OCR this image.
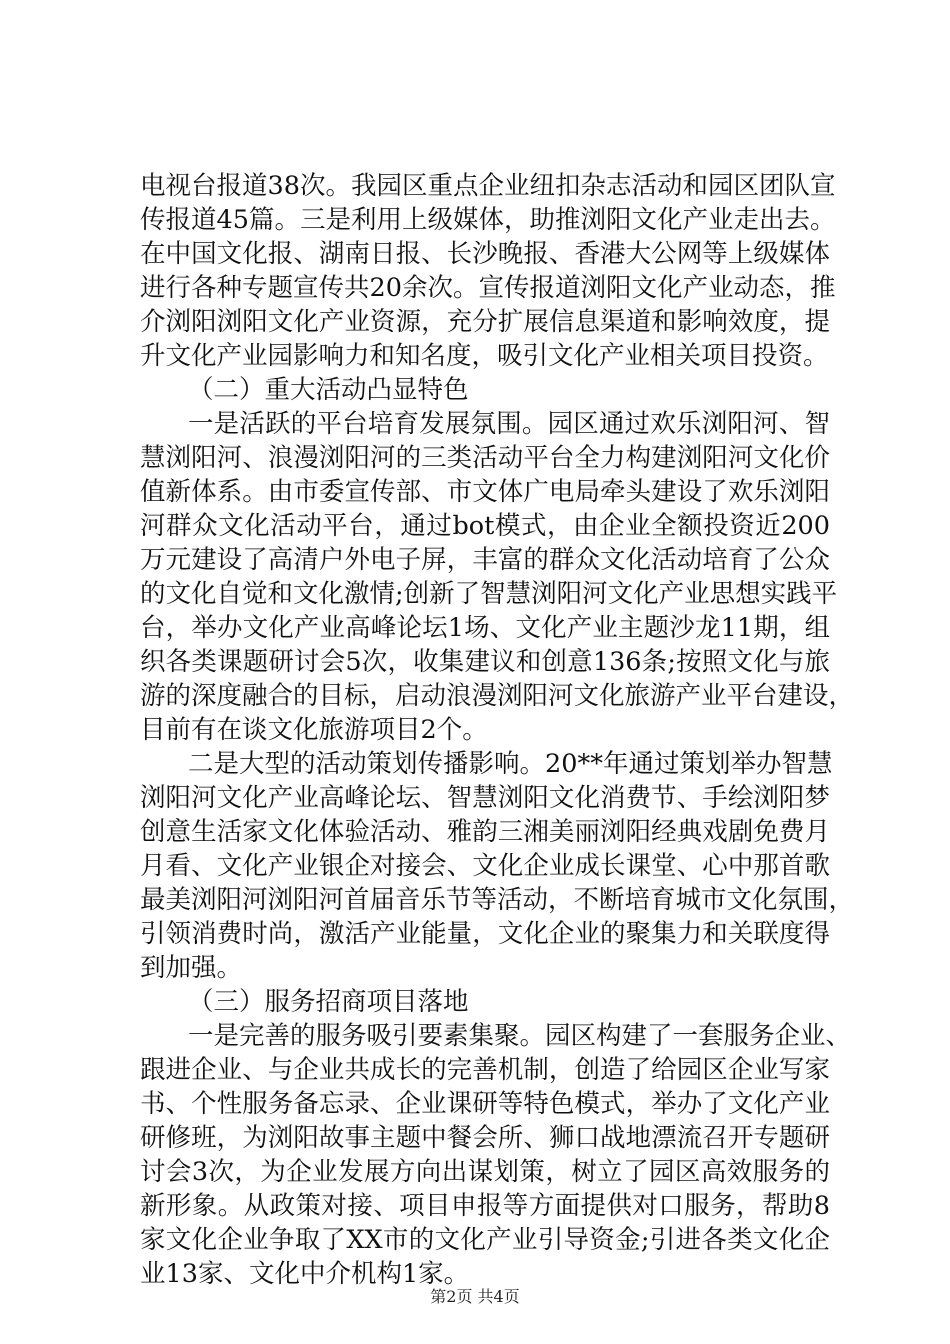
电视台报道38次。我园区重点企业纽扣杂志活动和园区团队宣
传报道45篇。三是利用上级媒体，助推浏阳文化产业走出去。
在中国文化报、湖南日报、长沙晚报、香港大公网等上级媒体
进行各种专题宣传共20余次。宣传报道浏阳文化产业动态，推
介浏阳浏阳文化产业资源，充分扩展信息渠道和影响效度，提
升文化产业园影响力和知名度，吸引文化产业相关项目投资。
（二）重大活动凸显特色
一是活跃的平台培育发展氛围。园区通过欢乐浏阳河、智
慧浏阳河、浪漫浏阳河的三类活动平台全力构建浏阳河文化价
值新体系。由市委宣传部、市文体广电局牵头建设了欢乐浏阳
河群众文化活动平台，通过bot模式，由企业全额投资近200
万元建设了高清户外电子屏，丰富的群众文化活动培育了公众
的文化自觉和文化激情;创新了智慧浏阳河文化产业思想实践平
台，举办文化产业高峰论坛1场、文化产业主题沙龙11期，组
织各类课题研讨会5次，收集建议和创意136条;按照文化与旅
游的深度融合的目标，启动浪漫浏阳河文化旅游产业平台建设，
目前有在谈文化旅游项目2个。
二是大型的活动策划传播影响。20**年通过策划举办智慧
浏阳河文化产业高峰论坛、智慧浏阳文化消费节、手绘浏阳梦
创意生活家文化体验活动、雅韵三湘美丽浏阳经典戏剧免费月
月看、文化产业银企对接会、文化企业成长课堂、心中那首歌
最美浏阳河浏阳河首届音乐节等活动，不断培育城市文化氛围，
引领消费时尚，激活产业能量，文化企业的聚集力和关联度得
到加强。
（三）服务招商项目落地
一是完善的服务吸引要素集聚。园区构建了一套服务企业、
跟进企业、与企业共成长的完善机制，创造了给园区企业写家
书、个性服务备忘录、企业课研等特色模式，举办了文化产业
研修班，为浏阳故事主题中餐会所、狮口战地漂流召开专题研
讨会3次，为企业发展方向出谋划策，树立了园区高效服务的
新形象。从政策对接、项目申报等方面提供对口服务，帮助8
家文化企业争取了XX市的文化产业引导资金;引进各类文化企
业13家、文化中介机构1家。
第2页 共4页
